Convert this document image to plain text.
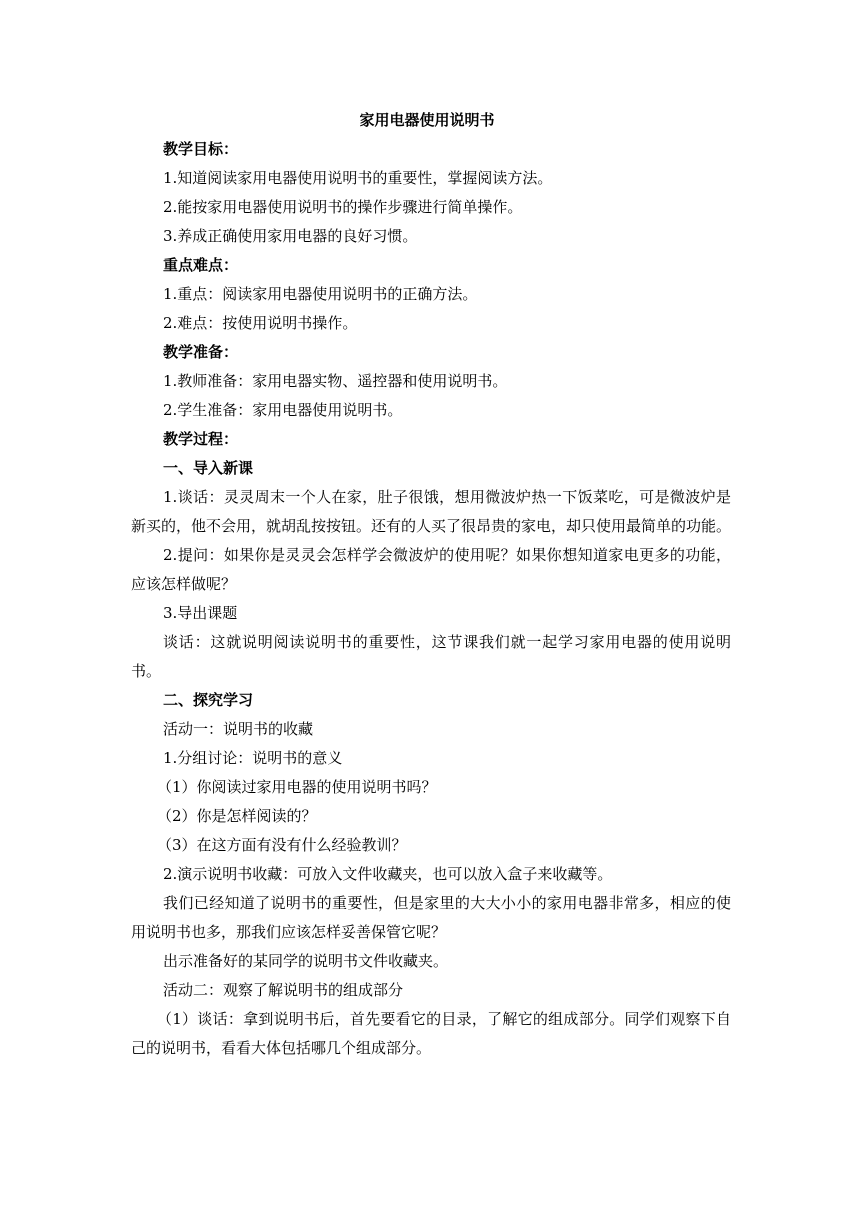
家用电器使用说明书
教学目标：
1.知道阅读家用电器使用说明书的重要性，掌握阅读方法。
2.能按家用电器使用说明书的操作步骤进行简单操作。
3.养成正确使用家用电器的良好习惯。
重点难点：
1.重点：阅读家用电器使用说明书的正确方法。
2.难点：按使用说明书操作。
教学准备：
1.教师准备：家用电器实物、遥控器和使用说明书。
2.学生准备：家用电器使用说明书。
教学过程：
一、导入新课
1.谈话：灵灵周末一个人在家，肚子很饿，想用微波炉热一下饭菜吃，可是微波炉是新买的，他不会用，就胡乱按按钮。还有的人买了很昂贵的家电，却只使用最简单的功能。
2.提问：如果你是灵灵会怎样学会微波炉的使用呢？如果你想知道家电更多的功能，应该怎样做呢？
3.导出课题
谈话：这就说明阅读说明书的重要性，这节课我们就一起学习家用电器的使用说明书。
二、探究学习
活动一：说明书的收藏
1.分组讨论：说明书的意义
（1）你阅读过家用电器的使用说明书吗？
（2）你是怎样阅读的？
（3）在这方面有没有什么经验教训？
2.演示说明书收藏：可放入文件收藏夹，也可以放入盒子来收藏等。
我们已经知道了说明书的重要性，但是家里的大大小小的家用电器非常多，相应的使用说明书也多，那我们应该怎样妥善保管它呢？
出示准备好的某同学的说明书文件收藏夹。
活动二：观察了解说明书的组成部分
（1）谈话：拿到说明书后，首先要看它的目录，了解它的组成部分。同学们观察下自己的说明书，看看大体包括哪几个组成部分。
